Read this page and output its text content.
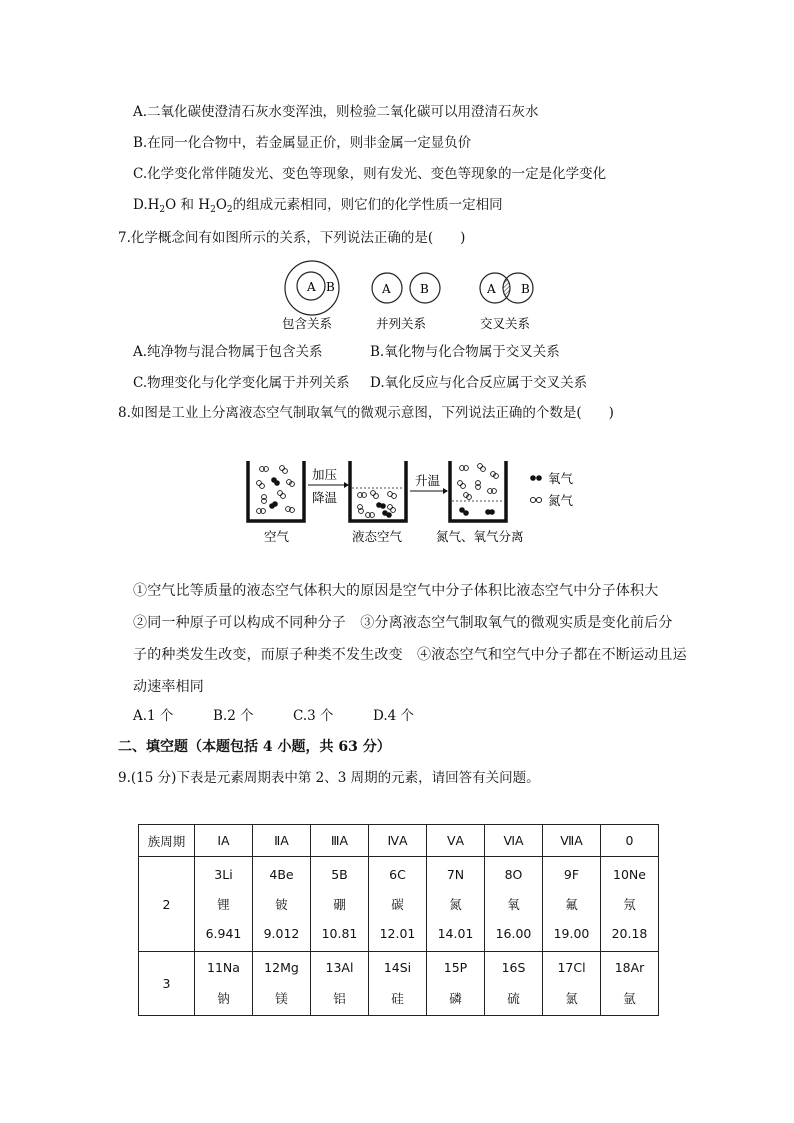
A.二氧化碳使澄清石灰水变浑浊，则检验二氧化碳可以用澄清石灰水
B.在同一化合物中，若金属显正价，则非金属一定显负价
C.化学变化常伴随发光、变色等现象，则有发光、变色等现象的一定是化学变化
$D.H_2O$ 和 $H_2O_2$的组成元素相同，则它们的化学性质一定相同
7.化学概念间有如图所示的关系，下列说法正确的是(　　)
A B	A B	A B
包含关系	并列关系	交叉关系
A.纯净物与混合物属于包含关系	B.氧化物与化合物属于交叉关系
C.物理变化与化学变化属于并列关系 D.氧化反应与化合反应属于交叉关系
8.如图是工业上分离液态空气制取氧气的微观示意图，下列说法正确的个数是(　　)
加压
降温
升温	氧气
氮气
空气	液态空气	氮气、氧气分离
①空气比等质量的液态空气体积大的原因是空气中分子体积比液态空气中分子体积大
②同一种原子可以构成不同种分子　③分离液态空气制取氧气的微观实质是变化前后分
子的种类发生改变，而原子种类不发生改变　④液态空气和空气中分子都在不断运动且运
动速率相同
A.1 个	B.2 个	C.3 个	D.4 个
二、填空题（本题包括 4 小题，共 63 分）
9.(15 分)下表是元素周期表中第 2、3 周期的元素，请回答有关问题。
族周期	ⅠA	ⅡA	ⅢA	ⅣA	ⅤA	ⅥA	ⅦA	0
2	3Li
锂
6.941	4Be
铍
9.012	5B
硼
10.81	6C
碳
12.01	7N
氮
14.01	8O
氧
16.00	9F
氟
19.00	10Ne
氖
20.18

3	11Na
钠	12Mg
镁	13Al
铝	14Si
硅	15P
磷	16S
硫	17Cl
氯	18Ar
氩
